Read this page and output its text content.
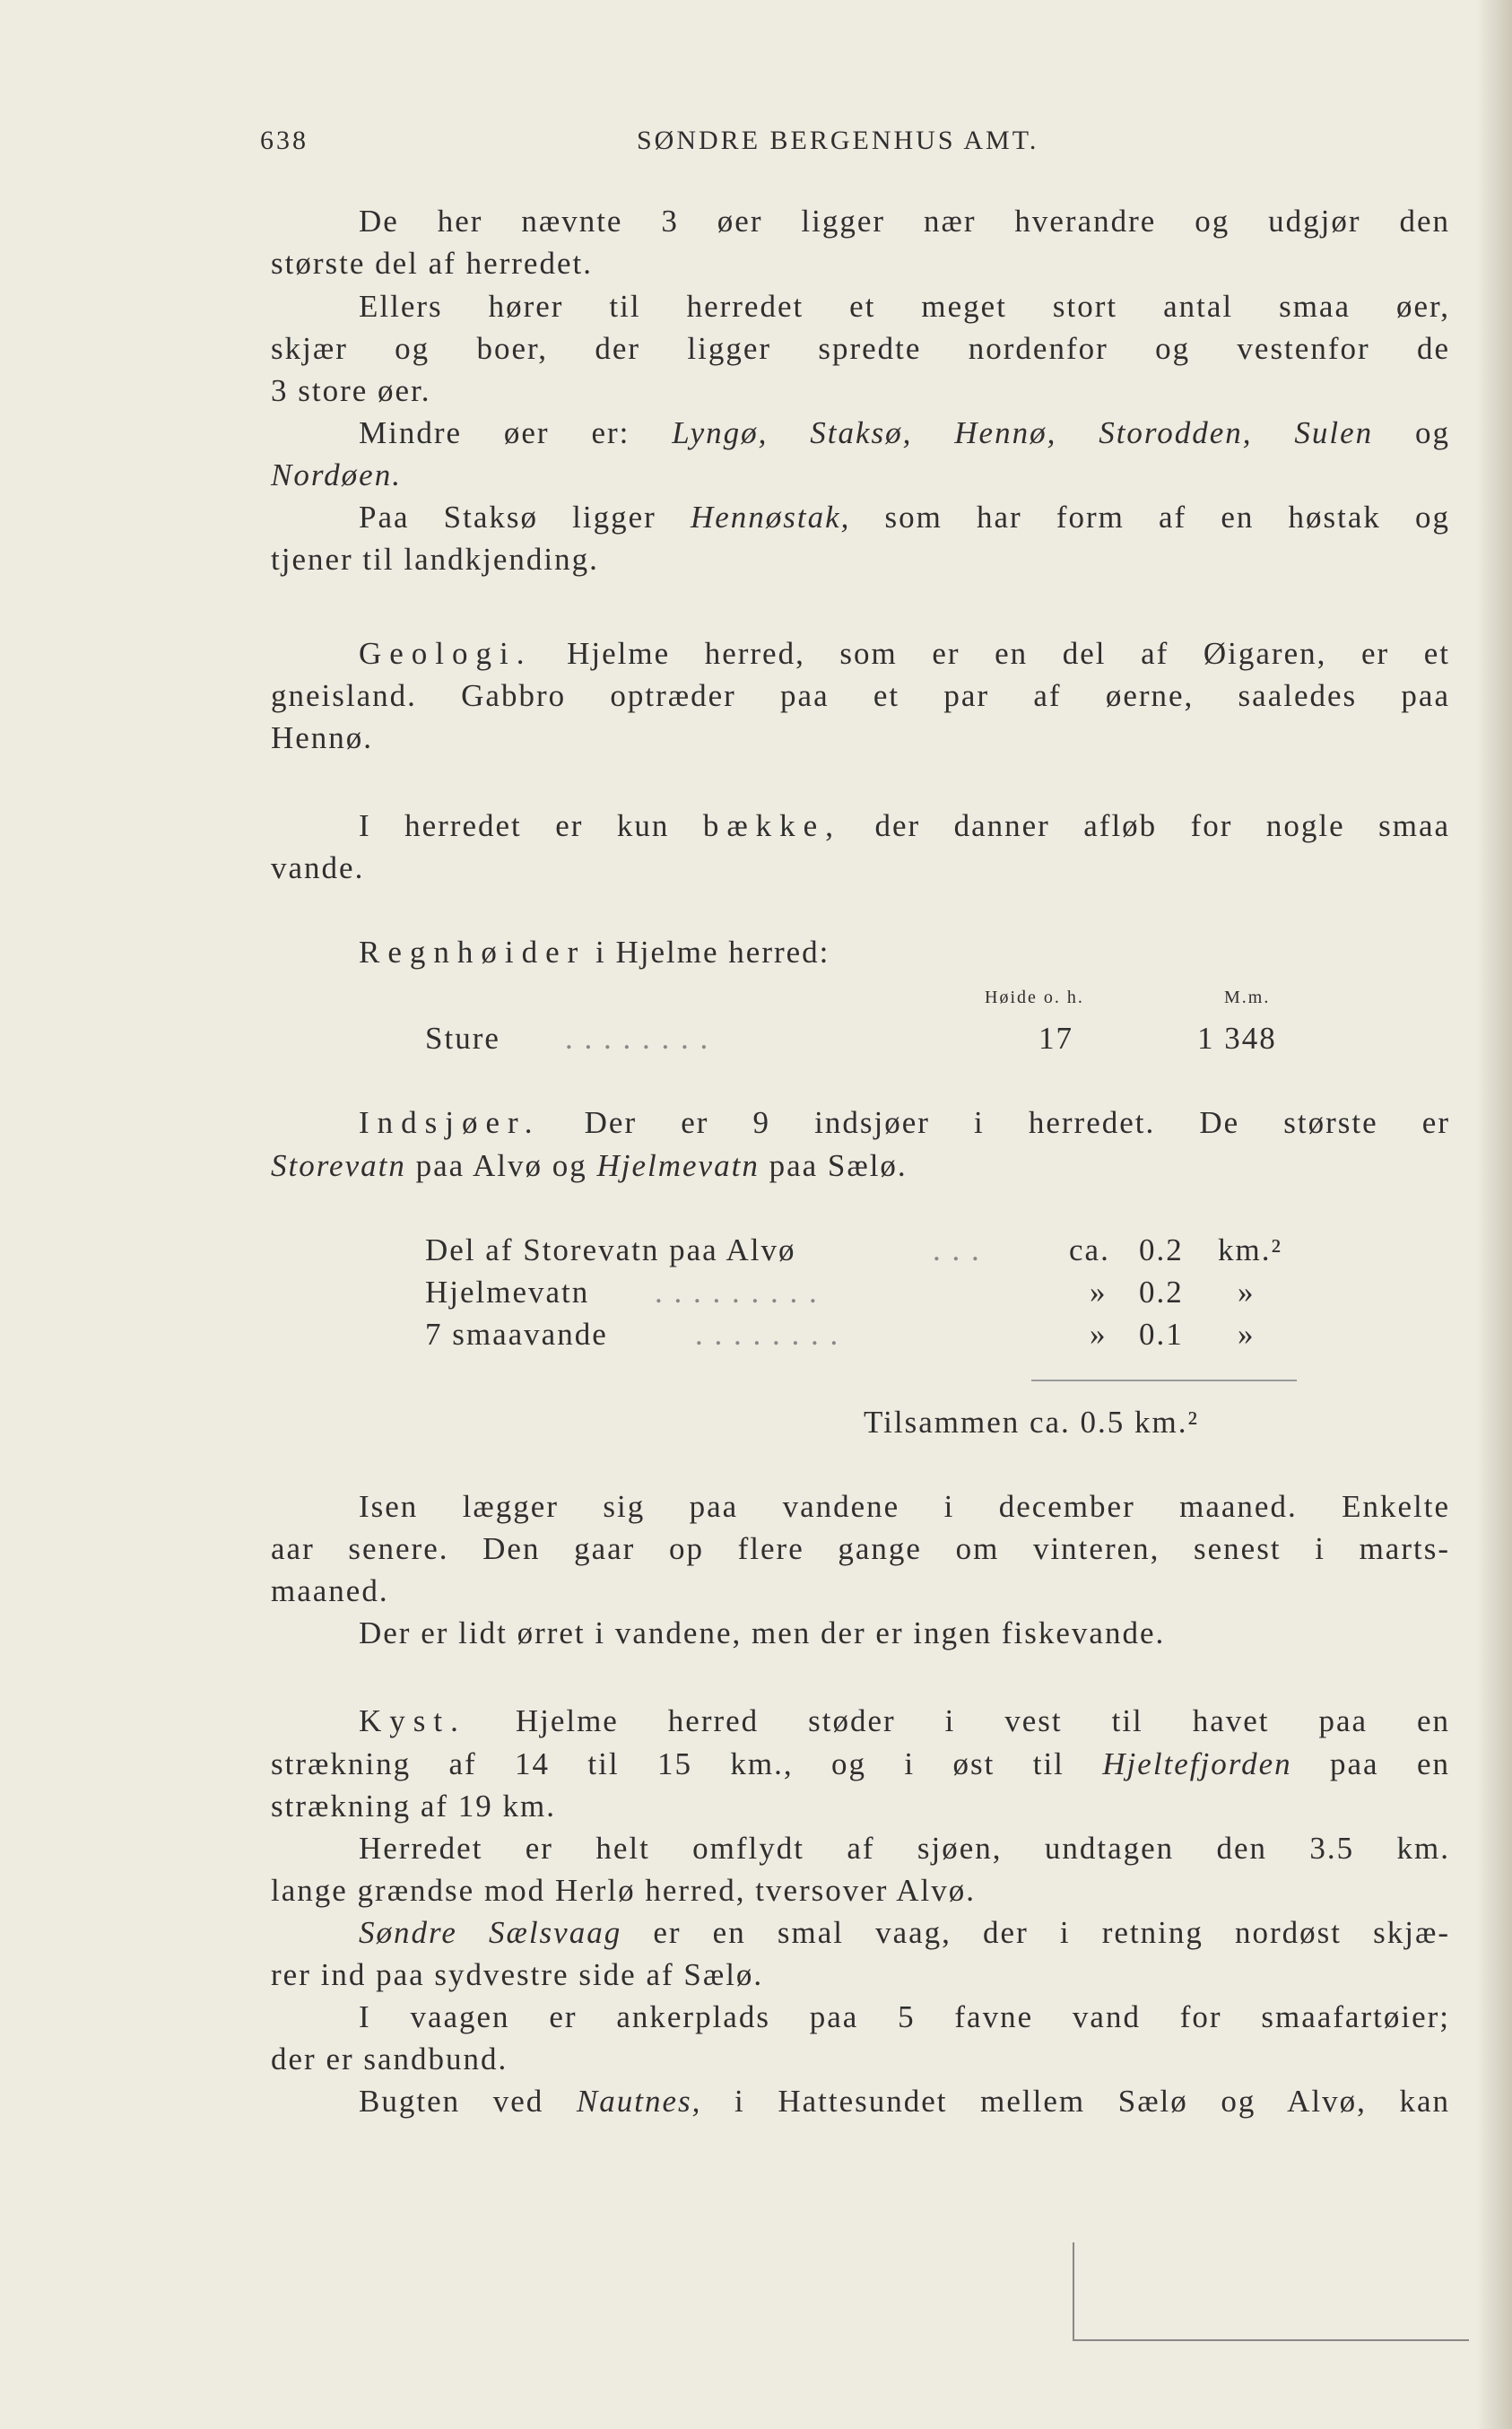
638	SØNDRE BERGENHUS AMT.
De her nævnte 3 øer ligger nær hverandre og udgjør den
største del af herredet.
Ellers hører til herredet et meget stort antal smaa øer,
skjær og boer, der ligger spredte nordenfor og vestenfor de
3 store øer.
Mindre øer er: Lyngø, Staksø, Hennø, Storodden, Sulen og
Nordøen.
Paa Staksø ligger Hennøstak, som har form af en høstak og
tjener til landkjending.
Geologi. Hjelme herred, som er en del af Øigaren, er et
gneisland. Gabbro optræder paa et par af øerne, saaledes paa
Hennø.
I herredet er kun bække, der danner afløb for nogle smaa
vande.
Regnhøider i Hjelme herred:
Høide o. h.	M.m.
Sture . . . . . . . .	17	1 348
Indsjøer. Der er 9 indsjøer i herredet. De største er
Storevatn paa Alvø og Hjelmevatn paa Sælø.
Del af Storevatn paa Alvø	. . .	ca. 0.2 km.²
Hjelmevatn . . . . . . . . .	» 0.2 »
7 smaavande	. . . . . . . .	» 0.1 »
Tilsammen ca. 0.5 km.²
Isen lægger sig paa vandene i december maaned. Enkelte
aar senere. Den gaar op flere gange om vinteren, senest i marts-
maaned.
Der er lidt ørret i vandene, men der er ingen fiskevande.
Kyst. Hjelme herred støder i vest til havet paa en
strækning af 14 til 15 km., og i øst til Hjeltefjorden paa en
strækning af 19 km.
Herredet er helt omflydt af sjøen, undtagen den 3.5 km.
lange grændse mod Herlø herred, tversover Alvø.
Søndre Sælsvaag er en smal vaag, der i retning nordøst skjæ-
rer ind paa sydvestre side af Sælø.
I vaagen er ankerplads paa 5 favne vand for smaafartøier;
der er sandbund.
Bugten ved Nautnes, i Hattesundet mellem Sælø og Alvø, kan
